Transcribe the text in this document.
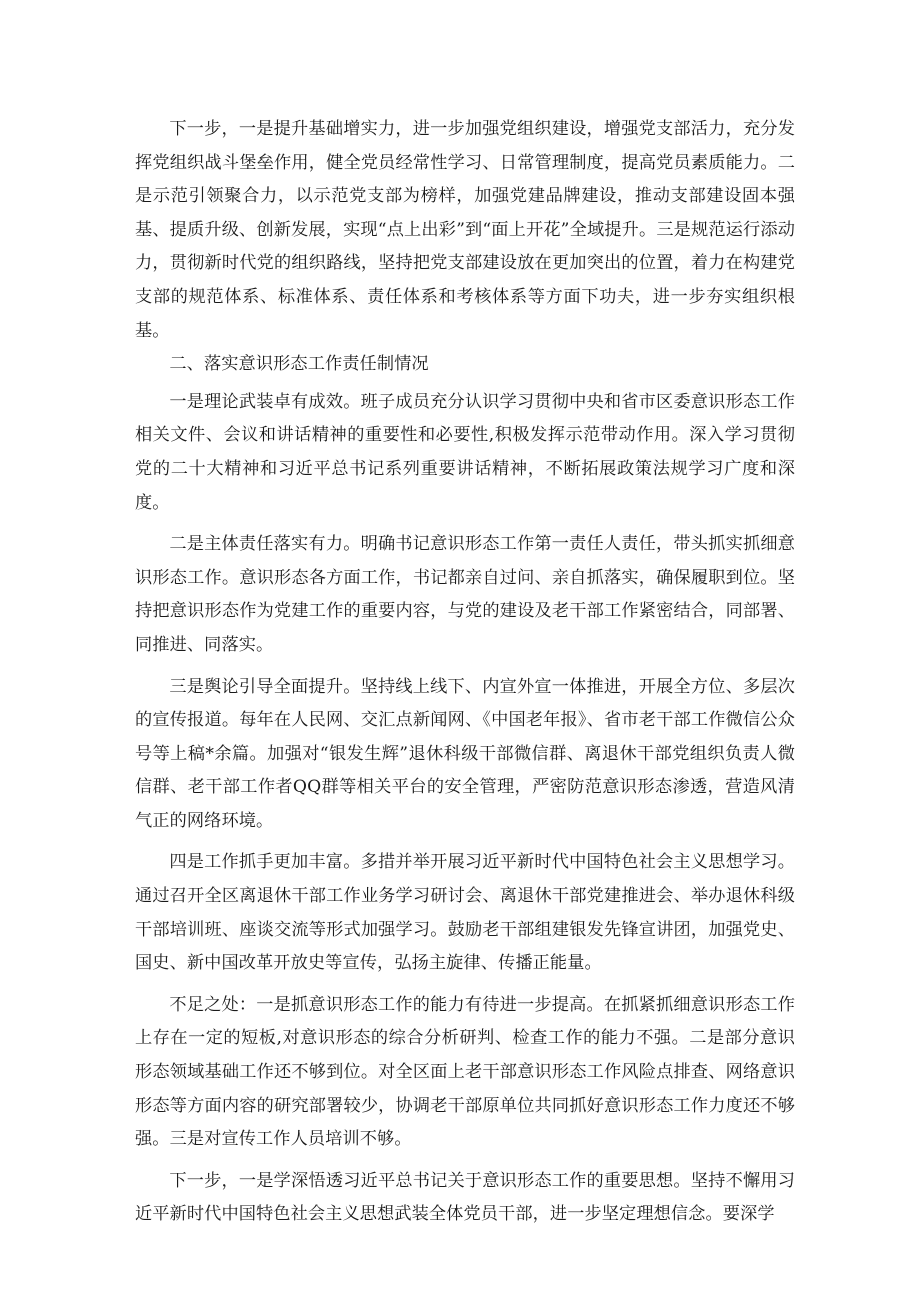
下一步，一是提升基础增实力，进一步加强党组织建设，增强党支部活力，充分发挥党组织战斗堡垒作用，健全党员经常性学习、日常管理制度，提高党员素质能力。二是示范引领聚合力，以示范党支部为榜样，加强党建品牌建设，推动支部建设固本强基、提质升级、创新发展，实现“点上出彩”到“面上开花”全域提升。三是规范运行添动力，贯彻新时代党的组织路线，坚持把党支部建设放在更加突出的位置，着力在构建党支部的规范体系、标准体系、责任体系和考核体系等方面下功夫，进一步夯实组织根基。

二、落实意识形态工作责任制情况

一是理论武装卓有成效。班子成员充分认识学习贯彻中央和省市区委意识形态工作相关文件、会议和讲话精神的重要性和必要性,积极发挥示范带动作用。深入学习贯彻党的二十大精神和习近平总书记系列重要讲话精神，不断拓展政策法规学习广度和深度。

二是主体责任落实有力。明确书记意识形态工作第一责任人责任，带头抓实抓细意识形态工作。意识形态各方面工作，书记都亲自过问、亲自抓落实，确保履职到位。坚持把意识形态作为党建工作的重要内容，与党的建设及老干部工作紧密结合，同部署、同推进、同落实。

三是舆论引导全面提升。坚持线上线下、内宣外宣一体推进，开展全方位、多层次的宣传报道。每年在人民网、交汇点新闻网、《中国老年报》、省市老干部工作微信公众号等上稿*余篇。加强对“银发生辉”退休科级干部微信群、离退休干部党组织负责人微信群、老干部工作者QQ群等相关平台的安全管理，严密防范意识形态渗透，营造风清气正的网络环境。

四是工作抓手更加丰富。多措并举开展习近平新时代中国特色社会主义思想学习。通过召开全区离退休干部工作业务学习研讨会、离退休干部党建推进会、举办退休科级干部培训班、座谈交流等形式加强学习。鼓励老干部组建银发先锋宣讲团，加强党史、国史、新中国改革开放史等宣传，弘扬主旋律、传播正能量。

不足之处：一是抓意识形态工作的能力有待进一步提高。在抓紧抓细意识形态工作上存在一定的短板,对意识形态的综合分析研判、检查工作的能力不强。二是部分意识形态领域基础工作还不够到位。对全区面上老干部意识形态工作风险点排查、网络意识形态等方面内容的研究部署较少，协调老干部原单位共同抓好意识形态工作力度还不够强。三是对宣传工作人员培训不够。

下一步，一是学深悟透习近平总书记关于意识形态工作的重要思想。坚持不懈用习近平新时代中国特色社会主义思想武装全体党员干部，进一步坚定理想信念。要深学
